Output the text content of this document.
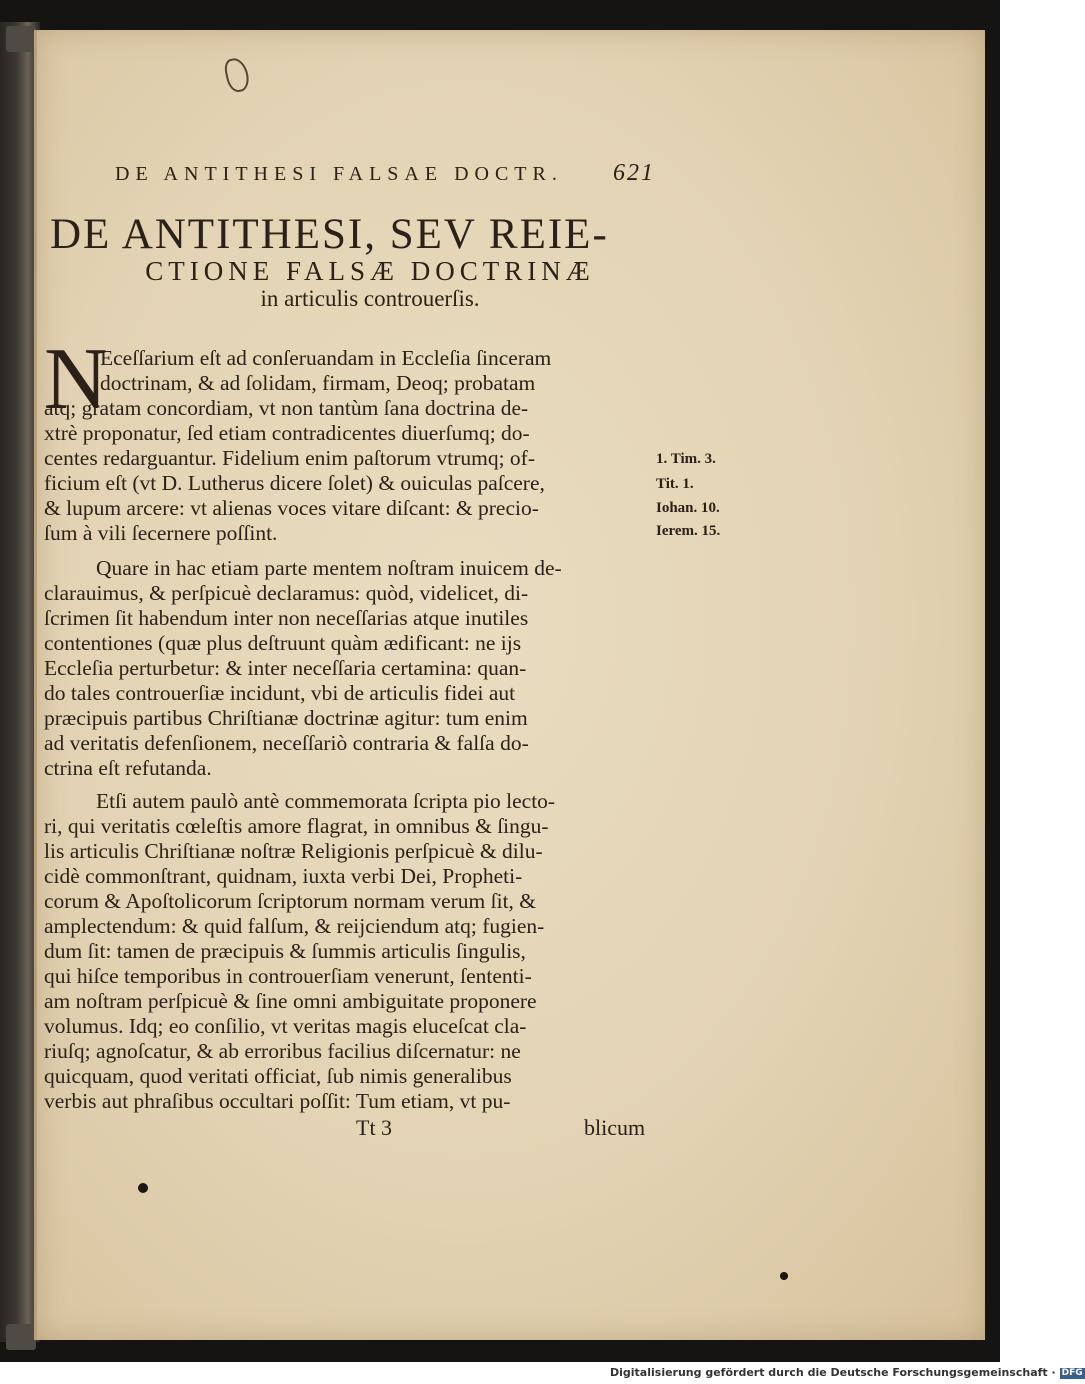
DE ANTITHESI FALSAE DOCTR. 621
DE ANTITHESI, SEV REIE-
CTIONE FALSÆ DOCTRINÆ
in articulis controuerſis.
N
Eceſſarium eſt ad conſeruandam in Eccleſia ſinceram
doctrinam, & ad ſolidam, firmam, Deoq; probatam
atq; gratam concordiam, vt non tantùm ſana doctrina de-
xtrè proponatur, ſed etiam contradicentes diuerſumq; do-
centes redarguantur. Fidelium enim paſtorum vtrumq; of-
ficium eſt (vt D. Lutherus dicere ſolet) & ouiculas paſcere,
& lupum arcere: vt alienas voces vitare diſcant: & precio-
ſum à vili ſecernere poſſint.
1. Tim. 3.
Tit. 1.
Iohan. 10.
Ierem. 15.
Quare in hac etiam parte mentem noſtram inuicem de-
clarauimus, & perſpicuè declaramus: quòd, videlicet, di-
ſcrimen ſit habendum inter non neceſſarias atque inutiles
contentiones (quæ plus deſtruunt quàm ædificant: ne ijs
Eccleſia perturbetur: & inter neceſſaria certamina: quan-
do tales controuerſiæ incidunt, vbi de articulis fidei aut
præcipuis partibus Chriſtianæ doctrinæ agitur: tum enim
ad veritatis defenſionem, neceſſariò contraria & falſa do-
ctrina eſt refutanda.
Etſi autem paulò antè commemorata ſcripta pio lecto-
ri, qui veritatis cœleſtis amore flagrat, in omnibus & ſingu-
lis articulis Chriſtianæ noſtræ Religionis perſpicuè & dilu-
cidè commonſtrant, quidnam, iuxta verbi Dei, Propheti-
corum & Apoſtolicorum ſcriptorum normam verum ſit, &
amplectendum: & quid falſum, & reijciendum atq; fugien-
dum ſit: tamen de præcipuis & ſummis articulis ſingulis,
qui hiſce temporibus in controuerſiam venerunt, ſententi-
am noſtram perſpicuè & ſine omni ambiguitate proponere
volumus. Idq; eo conſilio, vt veritas magis eluceſcat cla-
riuſq; agnoſcatur, & ab erroribus facilius diſcernatur: ne
quicquam, quod veritati officiat, ſub nimis generalibus
verbis aut phraſibus occultari poſſit: Tum etiam, vt pu-
Tt 3	blicum
Digitalisierung gefördert durch die Deutsche Forschungsgemeinschaft · DFG
